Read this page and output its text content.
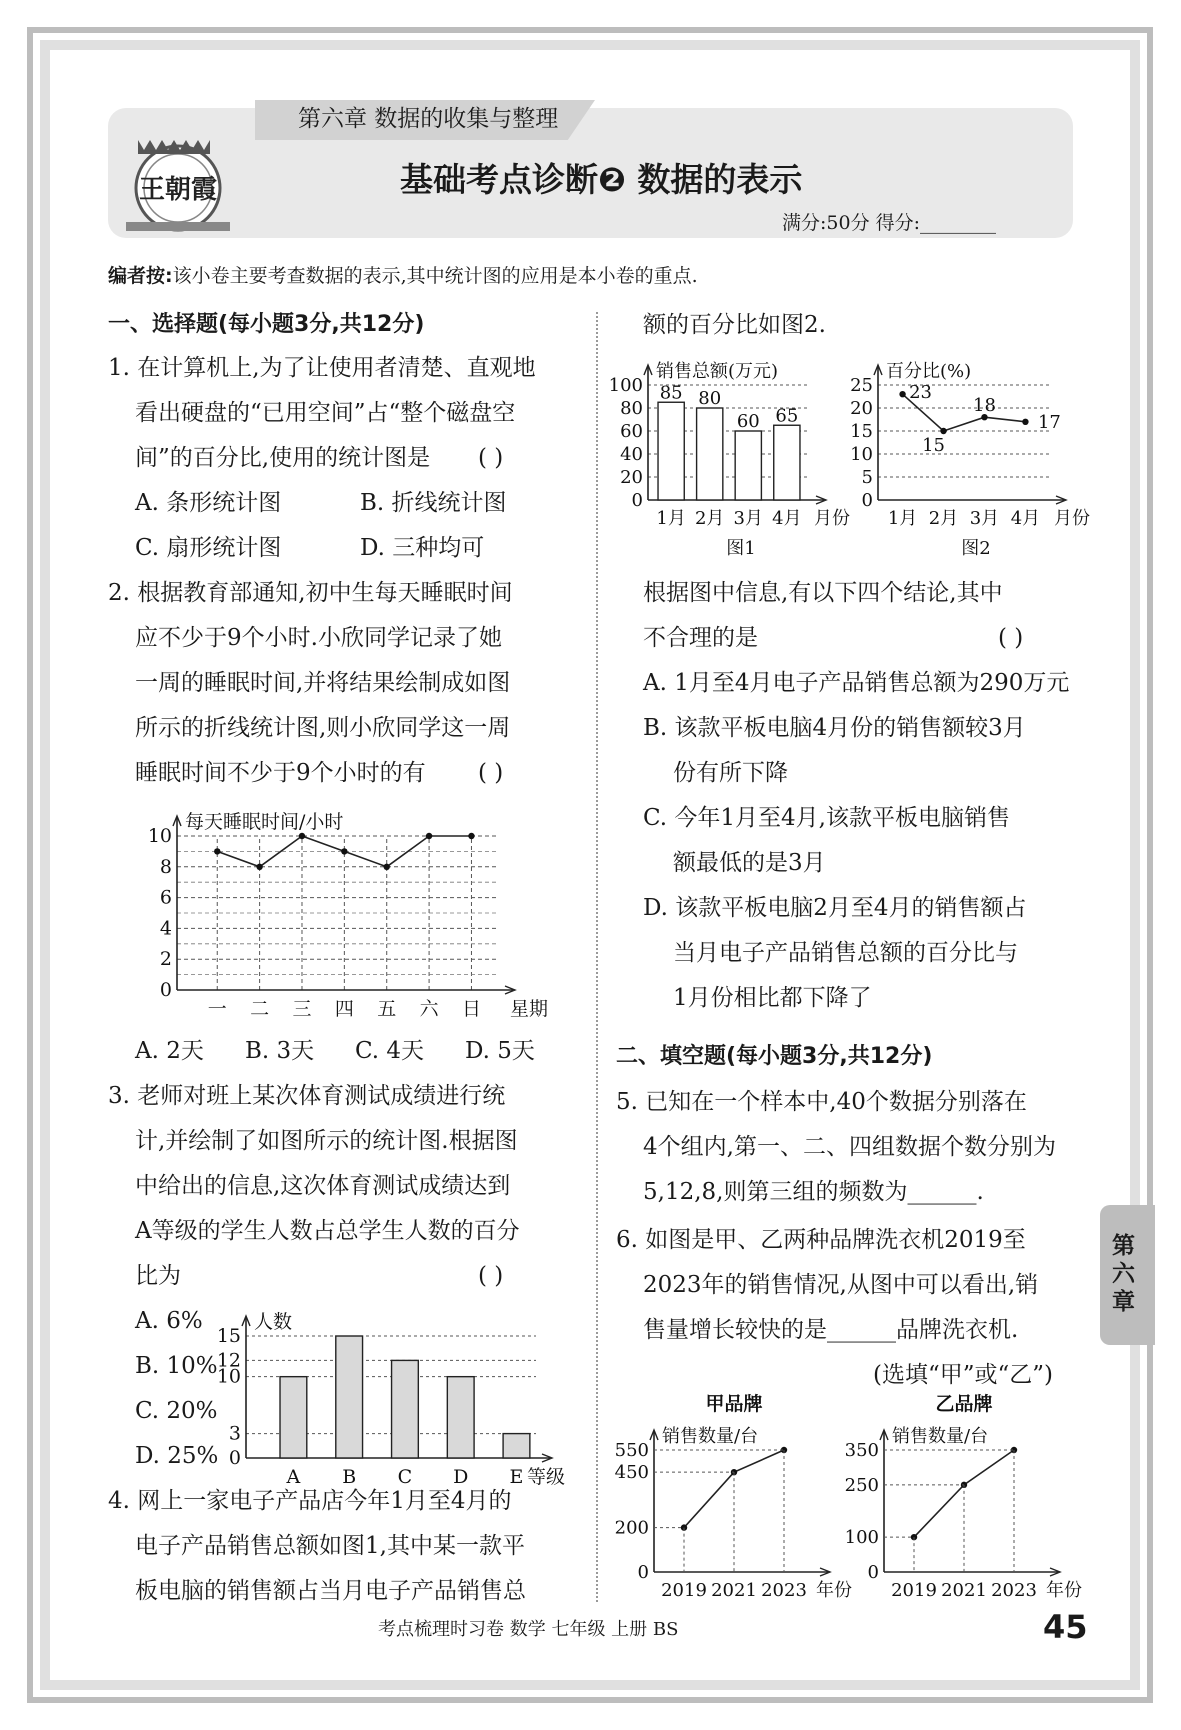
第六章 数据的收集与整理
王朝霞	基础考点诊断❷ 数据的表示
满分:50分 得分:________
编者按:该小卷主要考查数据的表示,其中统计图的应用是本小卷的重点.
一、选择题(每小题3分,共12分)
1. 在计算机上,为了让使用者清楚、直观地
看出硬盘的“已用空间”占“整个磁盘空
间”的百分比,使用的统计图是 ( )
A. 条形统计图	B. 折线统计图
C. 扇形统计图	D. 三种均可
2. 根据教育部通知,初中生每天睡眠时间
应不少于9个小时.小欣同学记录了她
一周的睡眠时间,并将结果绘制成如图
所示的折线统计图,则小欣同学这一周
睡眠时间不少于9个小时的有 ( )
0
2
4
6
8
10
每天睡眠时间/小时
一 二 三 四 五 六 日 星期
A. 2天 B. 3天 C. 4天 D. 5天
3. 老师对班上某次体育测试成绩进行统
计,并绘制了如图所示的统计图.根据图
中给出的信息,这次体育测试成绩达到
A等级的学生人数占总学生人数的百分
比为	( )
A. 6%
B. 10%
C. 20%
D. 25% 0
3
10
12
15
人数
A B C D E 等级
4. 网上一家电子产品店今年1月至4月的
电子产品销售总额如图1,其中某一款平
板电脑的销售额占当月电子产品销售总
额的百分比如图2.
0
20
40
60
80
100
销售总额(万元)
1月 2月 3月 4月 月份
85 80
60 65
图1
0
5
10
15
20
25
百分比(%)
1月 2月 3月 4月 月份
23
15
18
17
图2
根据图中信息,有以下四个结论,其中
不合理的是	( )
A. 1月至4月电子产品销售总额为290万元
B. 该款平板电脑4月份的销售额较3月
份有所下降
C. 今年1月至4月,该款平板电脑销售
额最低的是3月
D. 该款平板电脑2月至4月的销售额占
当月电子产品销售总额的百分比与
1月份相比都下降了
二、填空题(每小题3分,共12分)
5. 已知在一个样本中,40个数据分别落在
4个组内,第一、二、四组数据个数分别为
5,12,8,则第三组的频数为______.
6. 如图是甲、乙两种品牌洗衣机2019至
2023年的销售情况,从图中可以看出,销
售量增长较快的是______品牌洗衣机.
(选填“甲”或“乙”)
0
200
450
550
销售数量/台
2019 2021 2023 年份
甲品牌
0
100
250
350
销售数量/台
2019 2021 2023 年份
乙品牌
第六章
考点梳理时习卷 数学 七年级 上册 BS	45
